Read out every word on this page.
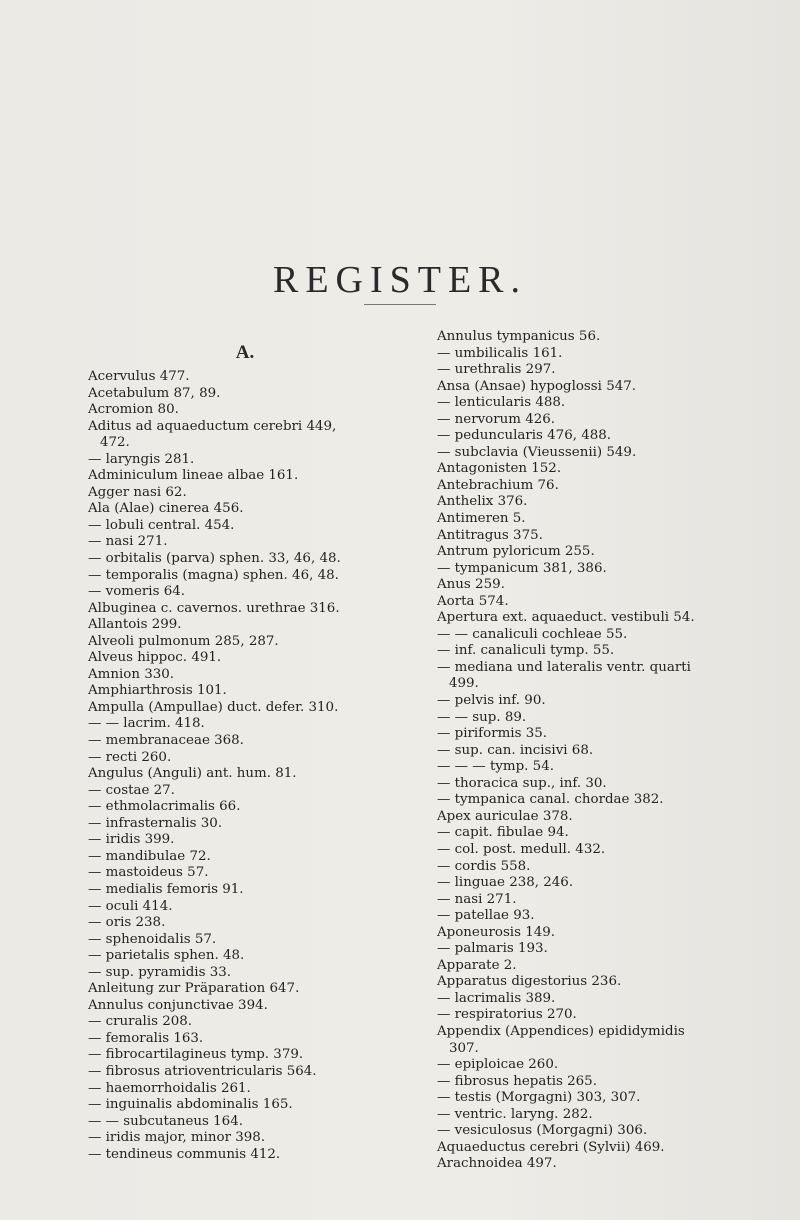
REGISTER.
A.
Acervulus 477.
Acetabulum 87, 89.
Acromion 80.
Aditus ad aquaeductum cerebri 449,
472.
— laryngis 281.
Adminiculum lineae albae 161.
Agger nasi 62.
Ala (Alae) cinerea 456.
— lobuli central. 454.
— nasi 271.
— orbitalis (parva) sphen. 33, 46, 48.
— temporalis (magna) sphen. 46, 48.
— vomeris 64.
Albuginea c. cavernos. urethrae 316.
Allantois 299.
Alveoli pulmonum 285, 287.
Alveus hippoc. 491.
Amnion 330.
Amphiarthrosis 101.
Ampulla (Ampullae) duct. defer. 310.
— — lacrim. 418.
— membranaceae 368.
— recti 260.
Angulus (Anguli) ant. hum. 81.
— costae 27.
— ethmolacrimalis 66.
— infrasternalis 30.
— iridis 399.
— mandibulae 72.
— mastoideus 57.
— medialis femoris 91.
— oculi 414.
— oris 238.
— sphenoidalis 57.
— parietalis sphen. 48.
— sup. pyramidis 33.
Anleitung zur Präparation 647.
Annulus conjunctivae 394.
— cruralis 208.
— femoralis 163.
— fibrocartilagineus tymp. 379.
— fibrosus atrioventricularis 564.
— haemorrhoidalis 261.
— inguinalis abdominalis 165.
— — subcutaneus 164.
— iridis major, minor 398.
— tendineus communis 412.
Annulus tympanicus 56.
— umbilicalis 161.
— urethralis 297.
Ansa (Ansae) hypoglossi 547.
— lenticularis 488.
— nervorum 426.
— peduncularis 476, 488.
— subclavia (Vieussenii) 549.
Antagonisten 152.
Antebrachium 76.
Anthelix 376.
Antimeren 5.
Antitragus 375.
Antrum pyloricum 255.
— tympanicum 381, 386.
Anus 259.
Aorta 574.
Apertura ext. aquaeduct. vestibuli 54.
— — canaliculi cochleae 55.
— inf. canaliculi tymp. 55.
— mediana und lateralis ventr. quarti
499.
— pelvis inf. 90.
— — sup. 89.
— piriformis 35.
— sup. can. incisivi 68.
— — — tymp. 54.
— thoracica sup., inf. 30.
— tympanica canal. chordae 382.
Apex auriculae 378.
— capit. fibulae 94.
— col. post. medull. 432.
— cordis 558.
— linguae 238, 246.
— nasi 271.
— patellae 93.
Aponeurosis 149.
— palmaris 193.
Apparate 2.
Apparatus digestorius 236.
— lacrimalis 389.
— respiratorius 270.
Appendix (Appendices) epididymidis
307.
— epiploicae 260.
— fibrosus hepatis 265.
— testis (Morgagni) 303, 307.
— ventric. laryng. 282.
— vesiculosus (Morgagni) 306.
Aquaeductus cerebri (Sylvii) 469.
Arachnoidea 497.
